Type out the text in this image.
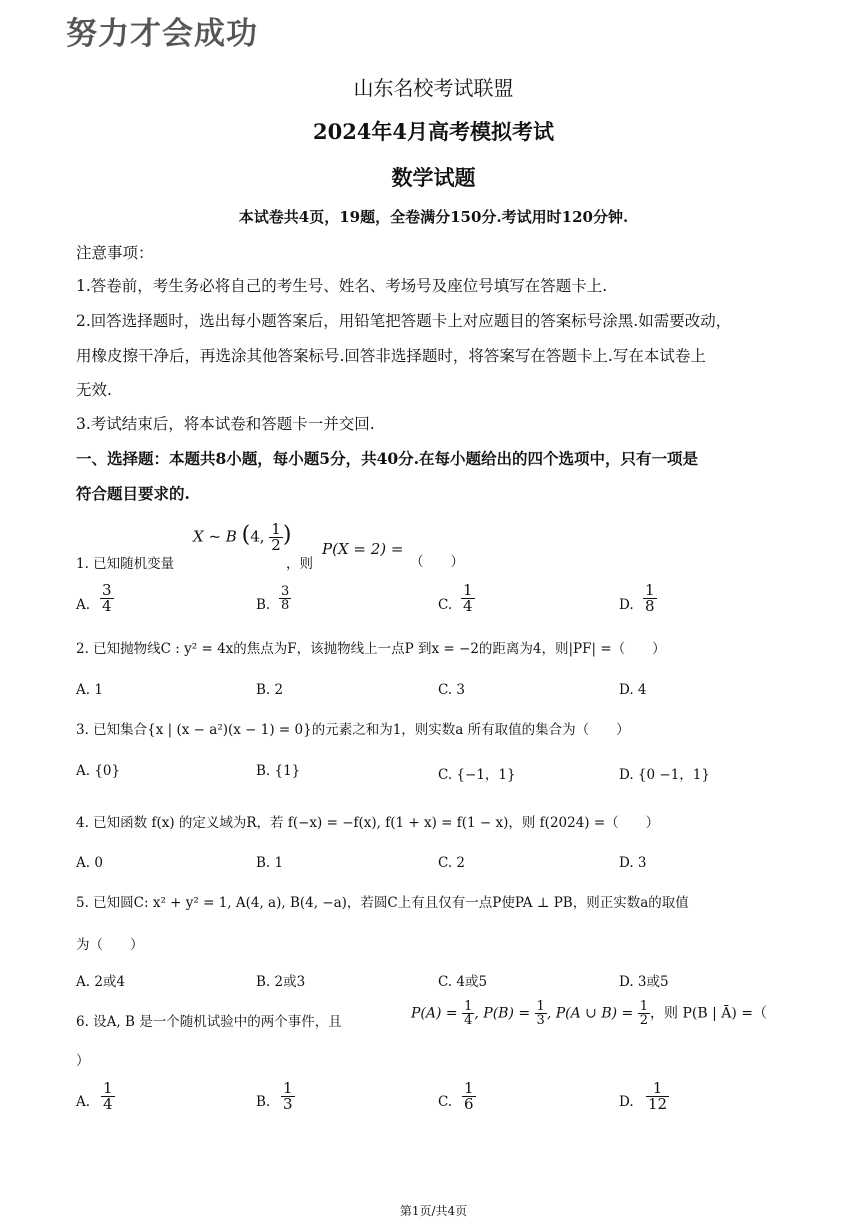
努力才会成功
山东名校考试联盟
2024年4月高考模拟考试
数学试题
本试卷共4页，19题，全卷满分150分.考试用时120分钟.
注意事项：
1.答卷前，考生务必将自己的考生号、姓名、考场号及座位号填写在答题卡上.
2.回答选择题时，选出每小题答案后，用铅笔把答题卡上对应题目的答案标号涂黑.如需要改动，
用橡皮擦干净后，再选涂其他答案标号.回答非选择题时，将答案写在答题卡上.写在本试卷上
无效.
3.考试结束后，将本试卷和答题卡一并交回.
一、选择题：本题共8小题，每小题5分，共40分.在每小题给出的四个选项中，只有一项是
符合题目要求的.
1. 已知随机变量
X ~ B (4, $\frac{1}{2}$ )
，则
P(X = 2) =
（　　）
A. $\frac{3}{4}$	B. $\frac{3}{8}$	C. $\frac{1}{4}$	D. $\frac{1}{8}$
2. 已知抛物线C : y² = 4x的焦点为F，该抛物线上一点P 到x = −2的距离为4，则|PF| =（　　）
A. 1	B. 2	C. 3	D. 4
3. 已知集合{x | (x − a²)(x − 1) = 0}的元素之和为1，则实数a 所有取值的集合为（　　）
A. {0}	B. {1}	C. {−1，1}	D. {0 −1，1}
4. 已知函数 f(x) 的定义域为R，若 f(−x) = −f(x), f(1 + x) = f(1 − x)，则 f(2024) =（　　）
A. 0	B. 1	C. 2	D. 3
5. 已知圆C: x² + y² = 1, A(4, a), B(4, −a)，若圆C上有且仅有一点P使PA ⊥ PB，则正实数a的取值
为（　　）
A. 2或4	B. 2或3	C. 4或5	D. 3或5
6. 设A, B 是一个随机试验中的两个事件，且
$P(A) = \frac{1}{4}$ , $P(B) = \frac{1}{3}$ , P(A ∪ $B) = \frac{1}{2}$ ，则 P(B | Ā) =（
）
A. $\frac{1}{4}$	B. $\frac{1}{3}$	C. $\frac{1}{6}$	D. $\frac{1}{12}$
第1页/共4页
